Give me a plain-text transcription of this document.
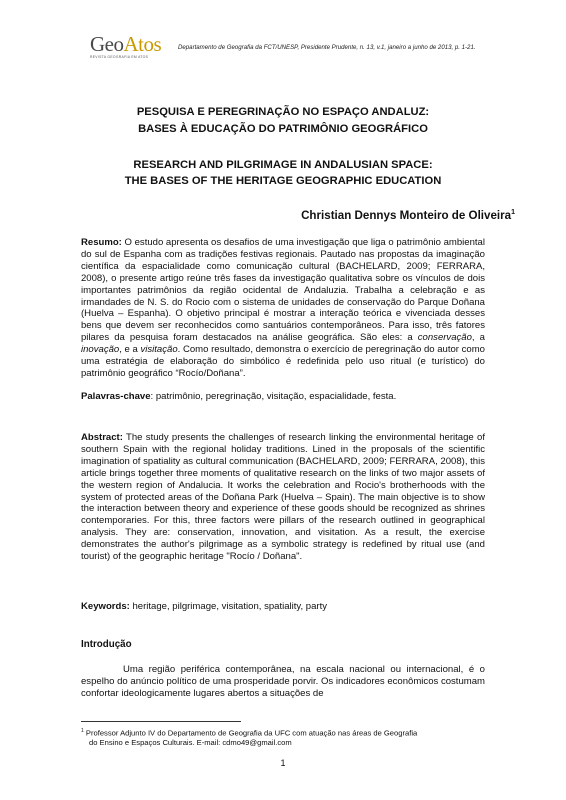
GeoAtos
REVISTA GEOGRAFIA EM ATOS
Departamento de Geografia da FCT/UNESP, Presidente Prudente, n. 13, v.1, janeiro a junho de 2013, p. 1-21.
PESQUISA E PEREGRINAÇÃO NO ESPAÇO ANDALUZ:
BASES À EDUCAÇÃO DO PATRIMÔNIO GEOGRÁFICO
RESEARCH AND PILGRIMAGE IN ANDALUSIAN SPACE:
THE BASES OF THE HERITAGE GEOGRAPHIC EDUCATION
Christian Dennys Monteiro de Oliveira$^1$
Resumo: O estudo apresenta os desafios de uma investigação que liga o patrimônio ambiental do sul de Espanha com as tradições festivas regionais. Pautado nas propostas da imaginação científica da espacialidade como comunicação cultural (BACHELARD, 2009; FERRARA, 2008), o presente artigo reúne três fases da investigação qualitativa sobre os vínculos de dois importantes patrimônios da região ocidental de Andaluzia. Trabalha a celebração e as irmandades de N. S. do Rocio com o sistema de unidades de conservação do Parque Doñana (Huelva – Espanha). O objetivo principal é mostrar a interação teórica e vivenciada desses bens que devem ser reconhecidos como santuários contemporâneos. Para isso, três fatores pilares da pesquisa foram destacados na análise geográfica. São eles: a conservação, a inovação, e a visitação. Como resultado, demonstra o exercício de peregrinação do autor como uma estratégia de elaboração do simbólico é redefinida pelo uso ritual (e turístico) do patrimônio geográfico “Rocío/Doñana”.
Palavras-chave: patrimônio, peregrinação, visitação, espacialidade, festa.
Abstract: The study presents the challenges of research linking the environmental heritage of southern Spain with the regional holiday traditions. Lined in the proposals of the scientific imagination of spatiality as cultural communication (BACHELARD, 2009; FERRARA, 2008), this article brings together three moments of qualitative research on the links of two major assets of the western region of Andalucia. It works the celebration and Rocio's brotherhoods with the system of protected areas of the Doñana Park (Huelva – Spain). The main objective is to show the interaction between theory and experience of these goods should be recognized as shrines contemporaries. For this, three factors were pillars of the research outlined in geographical analysis. They are: conservation, innovation, and visitation. As a result, the exercise demonstrates the author's pilgrimage as a symbolic strategy is redefined by ritual use (and tourist) of the geographic heritage "Rocío / Doñana".
Keywords: heritage, pilgrimage, visitation, spatiality, party
Introdução
Uma região periférica contemporânea, na escala nacional ou internacional, é o espelho do anúncio político de uma prosperidade porvir. Os indicadores econômicos costumam confortar ideologicamente lugares abertos a situações de
$^1$ Professor Adjunto IV do Departamento de Geografia da UFC com atuação nas áreas de Geografia
do Ensino e Espaços Culturais. E-mail: cdmo49@gmail.com
1
